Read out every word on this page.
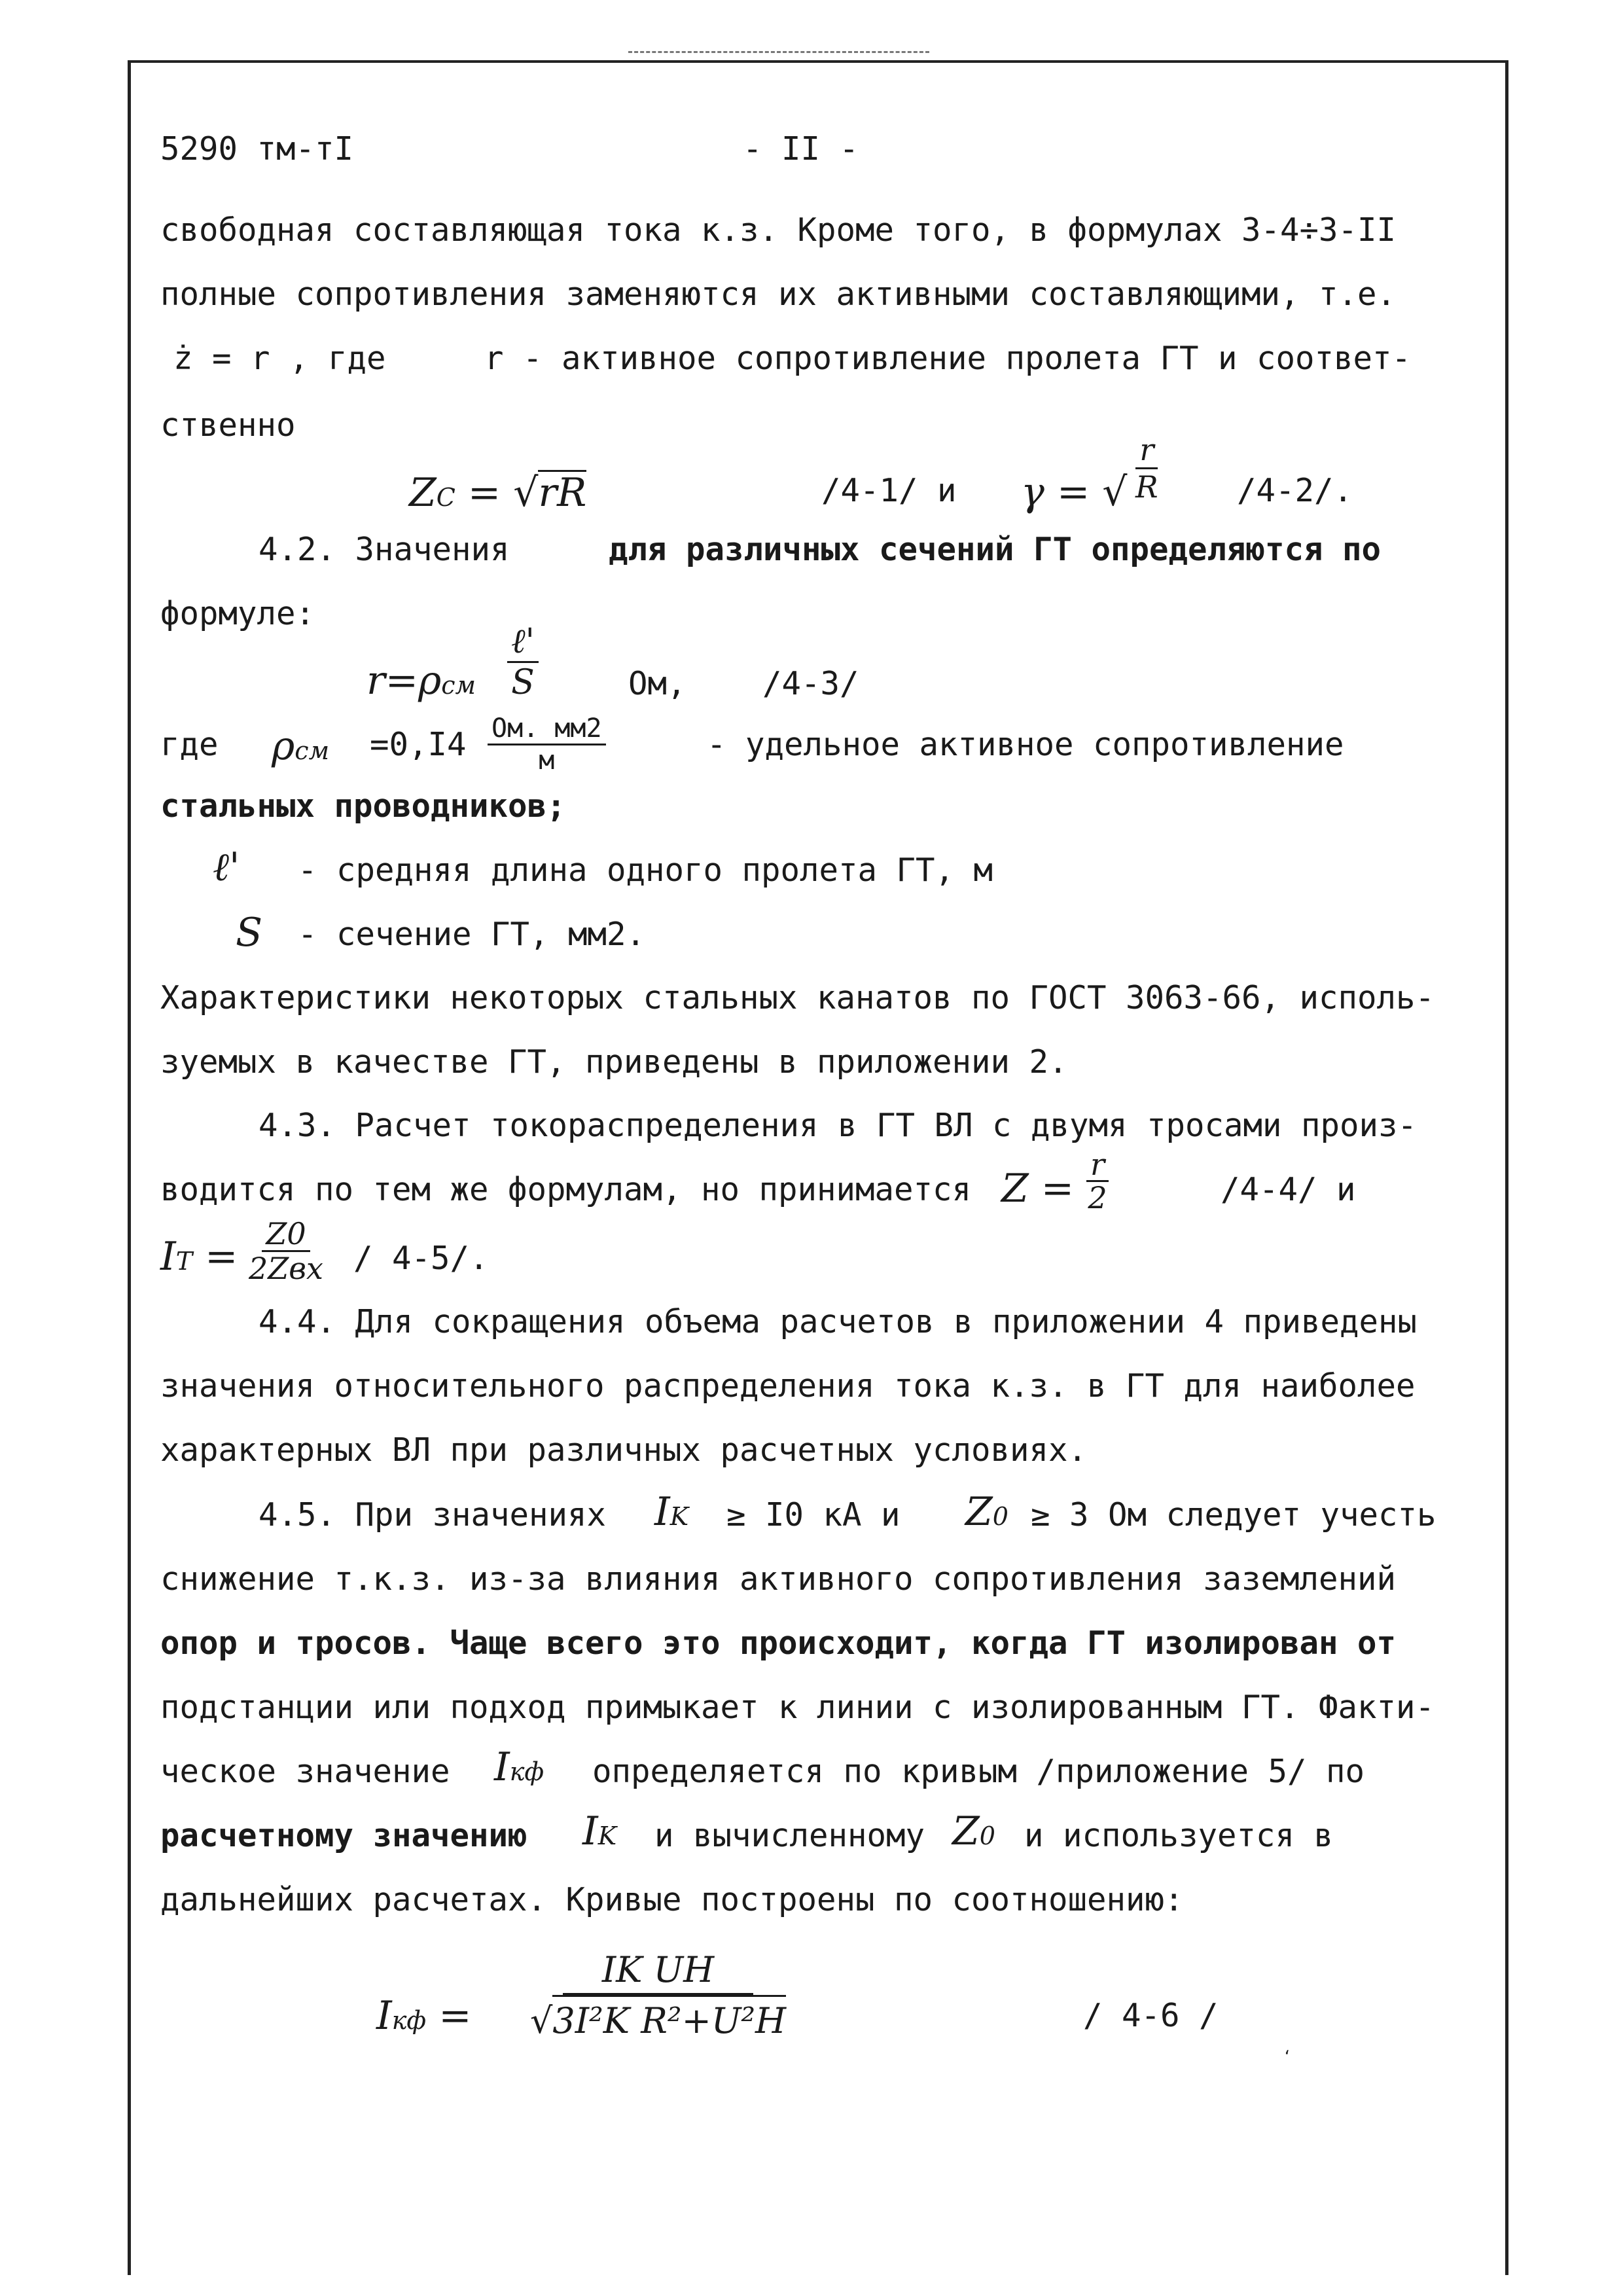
5290 тм-тI	- II -
свободная составляющая тока к.з. Кроме того, в формулах 3-4÷3-II
полные сопротивления заменяются их активными составляющими, т.е.
ż = r , где	r - активное сопротивление пролета ГТ и соответ-
ственно
ZC = √rR	/4-1/ и γ = √ $\frac{r}{R} /4-2/$.
4.2. Значения	для различных сечений ГТ определяются по
формуле:
r=ρсм
ℓ'
S	Ом, /4-3/
где ρсм =0,I4 Ом. мм2
м	- удельное активное сопротивление
стальных проводников;
ℓ' - средняя длина одного пролета ГТ, м
S - сечение ГТ, мм2.
Характеристики некоторых стальных канатов по ГОСТ 3063-66, исполь-
зуемых в качестве ГТ, приведены в приложении 2.
4.3. Расчет токораспределения в ГТ ВЛ с двумя тросами произ-
водится по тем же формулам, но принимается $Z = \frac{r}{2}$	/4-4/ и
IT = Z0
2Zвх / 4-5/.
4.4. Для сокращения объема расчетов в приложении 4 приведены
значения относительного распределения тока к.з. в ГТ для наиболее
характерных ВЛ при различных расчетных условиях.
4.5. При значениях IK ≥ I0 кА и Z0 ≥ 3 Ом следует учесть
снижение т.к.з. из-за влияния активного сопротивления заземлений
опор и тросов. Чаще всего это происходит, когда ГТ изолирован от
подстанции или подход примыкает к линии с изолированным ГТ. Факти-
ческое значение Iкф определяется по кривым /приложение 5/ по
расчетному значению IK и вычисленному Z0 и используется в
дальнейших расчетах. Кривые построены по соотношению:
Iкф = $\frac{\text{IK UH}}{\text{√3I²K R²+U²H}}$	/ 4-6 /
ʻ
